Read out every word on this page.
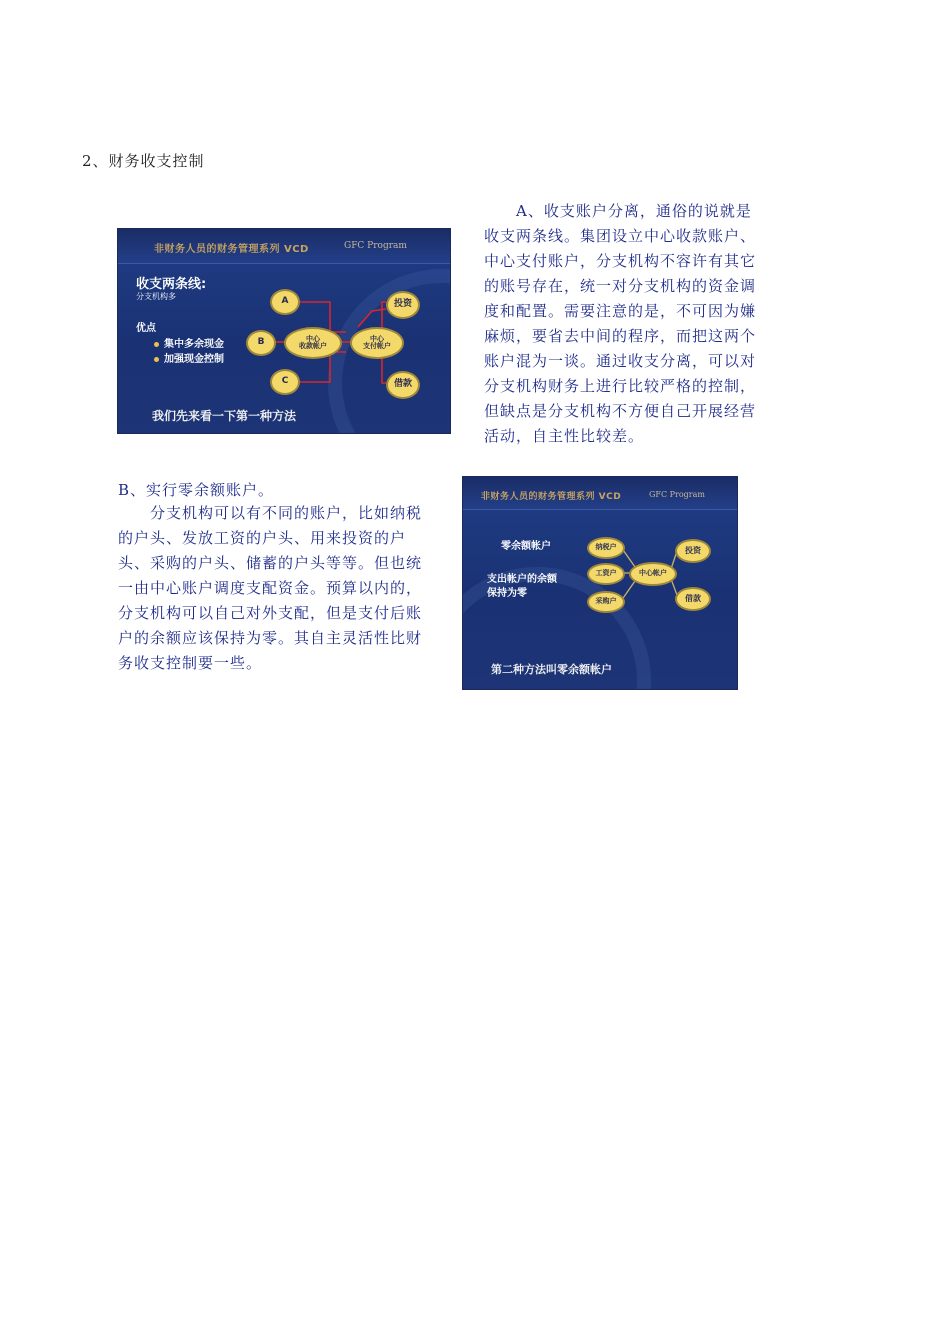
2、财务收支控制
非财务人员的财务管理系列 VCD	GFC Program
收支两条线:
分支机构多
优点
集中多余现金
加强现金控制
A
B
C
中心
收款帐户
中心
支付帐户
投资
借款
我们先来看一下第一种方法

A、收支账户分离，通俗的说就是收支两条线。集团设立中心收款账户、中心支付账户，分支机构不容许有其它的账号存在，统一对分支机构的资金调度和配置。需要注意的是，不可因为嫌麻烦，要省去中间的程序，而把这两个账户混为一谈。通过收支分离，可以对分支机构财务上进行比较严格的控制，但缺点是分支机构不方便自己开展经营活动，自主性比较差。

B、实行零余额账户。

分支机构可以有不同的账户，比如纳税的户头、发放工资的户头、用来投资的户头、采购的户头、储蓄的户头等等。但也统一由中心账户调度支配资金。预算以内的，分支机构可以自己对外支配，但是支付后账户的余额应该保持为零。其自主灵活性比财务收支控制要一些。

非财务人员的财务管理系列 VCD	GFC Program
零余额帐户
支出帐户的余额
保持为零
纳税户
工资户
采购户
中心帐户
投资
借款
第二种方法叫零余额帐户
